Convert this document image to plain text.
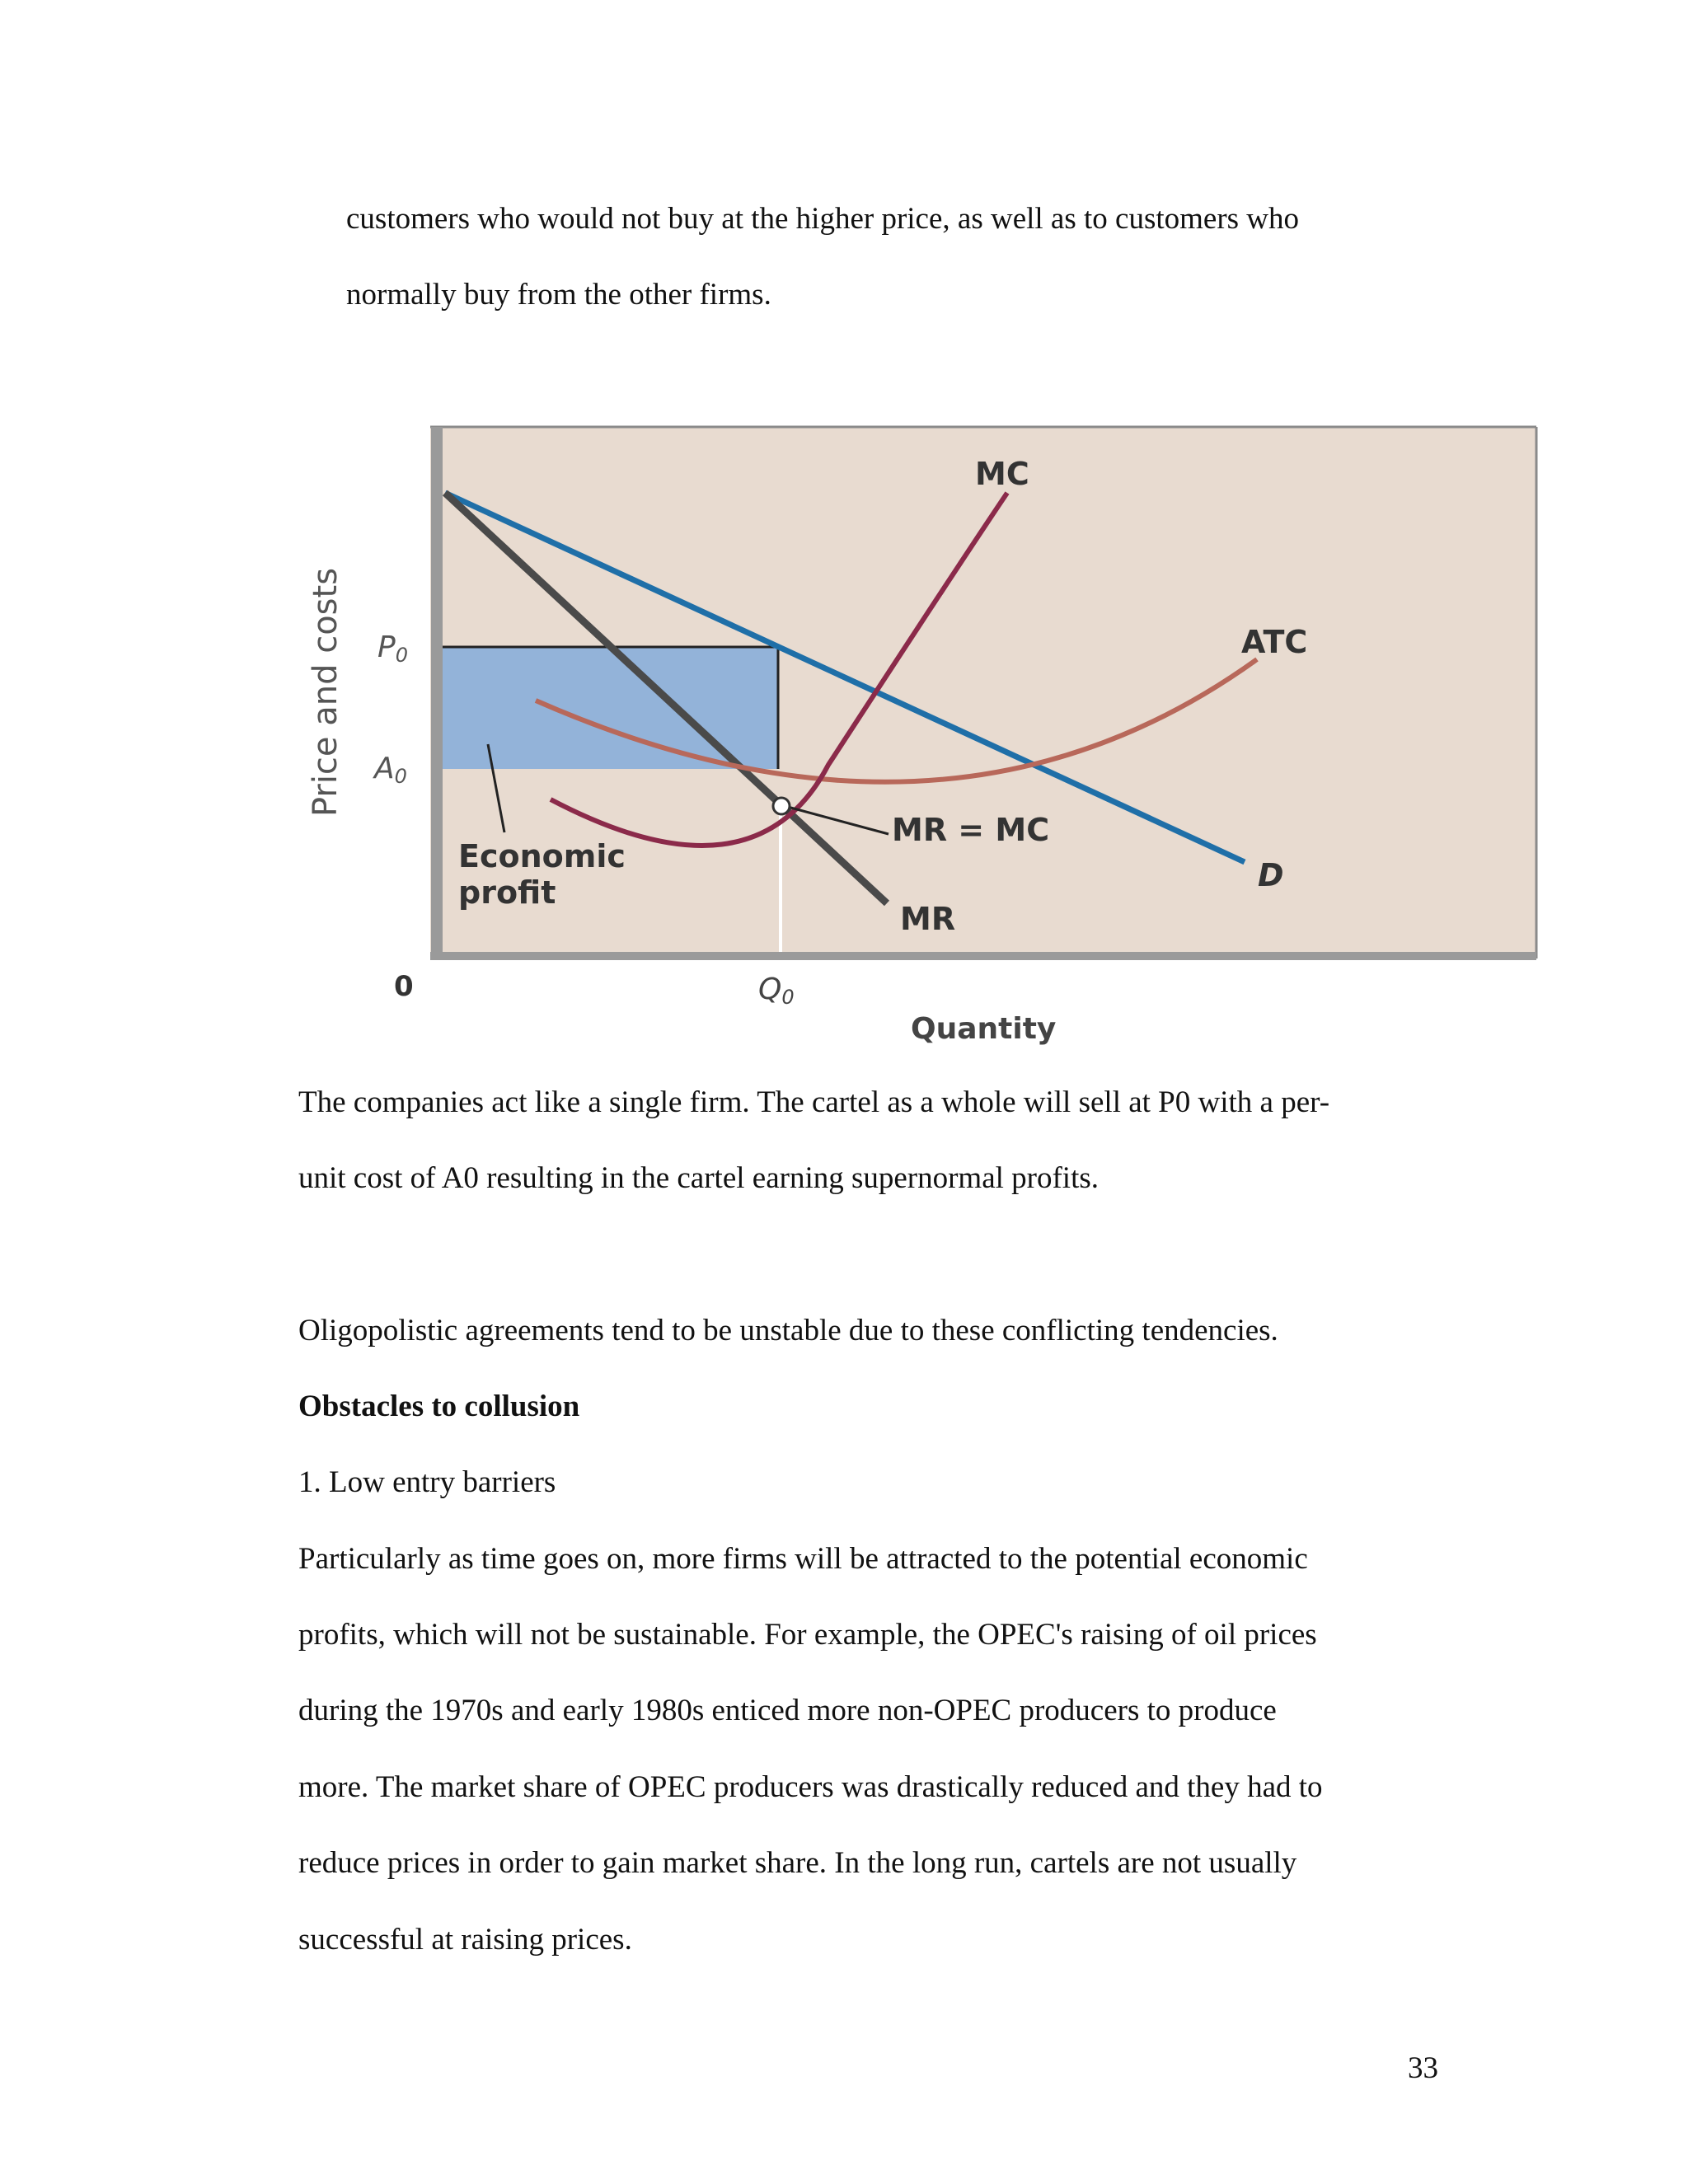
customers who would not buy at the higher price, as well as to customers who

normally buy from the other firms.

Price and costs P0
A0
0	Q0
Quantity
MC
ATC
D
MR
MR = MC
Economic
profit

The companies act like a single firm. The cartel as a whole will sell at P0 with a per-

unit cost of A0 resulting in the cartel earning supernormal profits.

Oligopolistic agreements tend to be unstable due to these conflicting tendencies.

Obstacles to collusion

1. Low entry barriers

Particularly as time goes on, more firms will be attracted to the potential economic

profits, which will not be sustainable. For example, the OPEC's raising of oil prices

during the 1970s and early 1980s enticed more non-OPEC producers to produce

more. The market share of OPEC producers was drastically reduced and they had to

reduce prices in order to gain market share. In the long run, cartels are not usually

successful at raising prices.

33
